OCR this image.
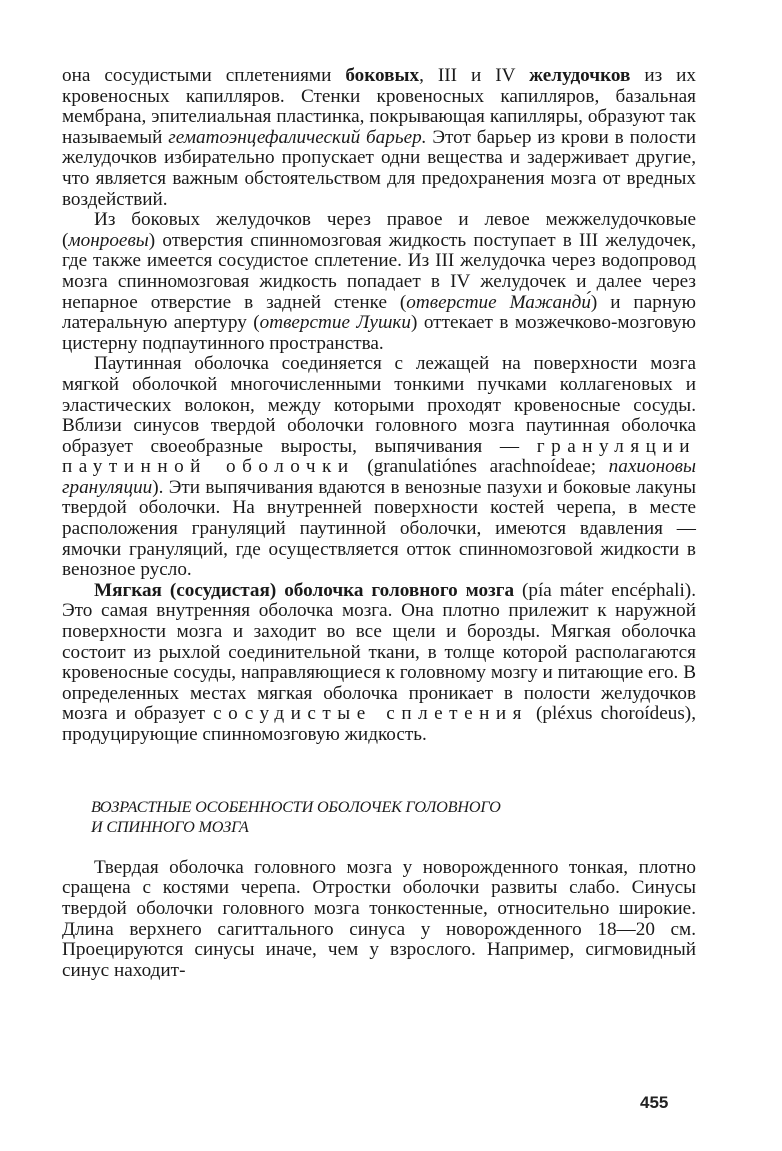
она сосудистыми сплетениями боковых, III и IV желудочков из их кровеносных капилляров. Стенки кровеносных капилляров, базальная мембрана, эпителиальная пластинка, покрывающая капилляры, образуют так называемый гематоэнцефалический барьер. Этот барьер из крови в полости желудочков избирательно пропускает одни вещества и задерживает другие, что является важным обстоятельством для предохранения мозга от вредных воздействий.

Из боковых желудочков через правое и левое межжелудочковые (монроевы) отверстия спинномозговая жидкость поступает в III желудочек, где также имеется сосудистое сплетение. Из III желудочка через водопровод мозга спинномозговая жидкость попадает в IV желудочек и далее через непарное отверстие в задней стенке (отверстие Мажанди́) и парную латеральную апертуру (отверстие Лушки) оттекает в мозжечково-мозговую цистерну подпаутинного пространства.

Паутинная оболочка соединяется с лежащей на поверхности мозга мягкой оболочкой многочисленными тонкими пучками коллагеновых и эластических волокон, между которыми проходят кровеносные сосуды. Вблизи синусов твердой оболочки головного мозга паутинная оболочка образует своеобразные выросты, выпячивания — грануляции паутинной оболочки (granulatiónes arachnoídeae; пахионовы грануляции). Эти выпячивания вдаются в венозные пазухи и боковые лакуны твердой оболочки. На внутренней поверхности костей черепа, в месте расположения грануляций паутинной оболочки, имеются вдавления — ямочки грануляций, где осуществляется отток спинномозговой жидкости в венозное русло.

Мягкая (сосудистая) оболочка головного мозга (pía máter encéphali). Это самая внутренняя оболочка мозга. Она плотно прилежит к наружной поверхности мозга и заходит во все щели и борозды. Мягкая оболочка состоит из рыхлой соединительной ткани, в толще которой располагаются кровеносные сосуды, направляющиеся к головному мозгу и питающие его. В определенных местах мягкая оболочка проникает в полости желудочков мозга и образует сосудистые сплетения (pléxus chorоídeus), продуцирующие спинномозговую жидкость.

ВОЗРАСТНЫЕ ОСОБЕННОСТИ ОБОЛОЧЕК ГОЛОВНОГО
И СПИННОГО МОЗГА

Твердая оболочка головного мозга у новорожденного тонкая, плотно сращена с костями черепа. Отростки оболочки развиты слабо. Синусы твердой оболочки головного мозга тонкостенные, относительно широкие. Длина верхнего сагиттального синуса у новорожденного 18—20 см. Проецируются синусы иначе, чем у взрослого. Например, сигмовидный синус находит-

455
